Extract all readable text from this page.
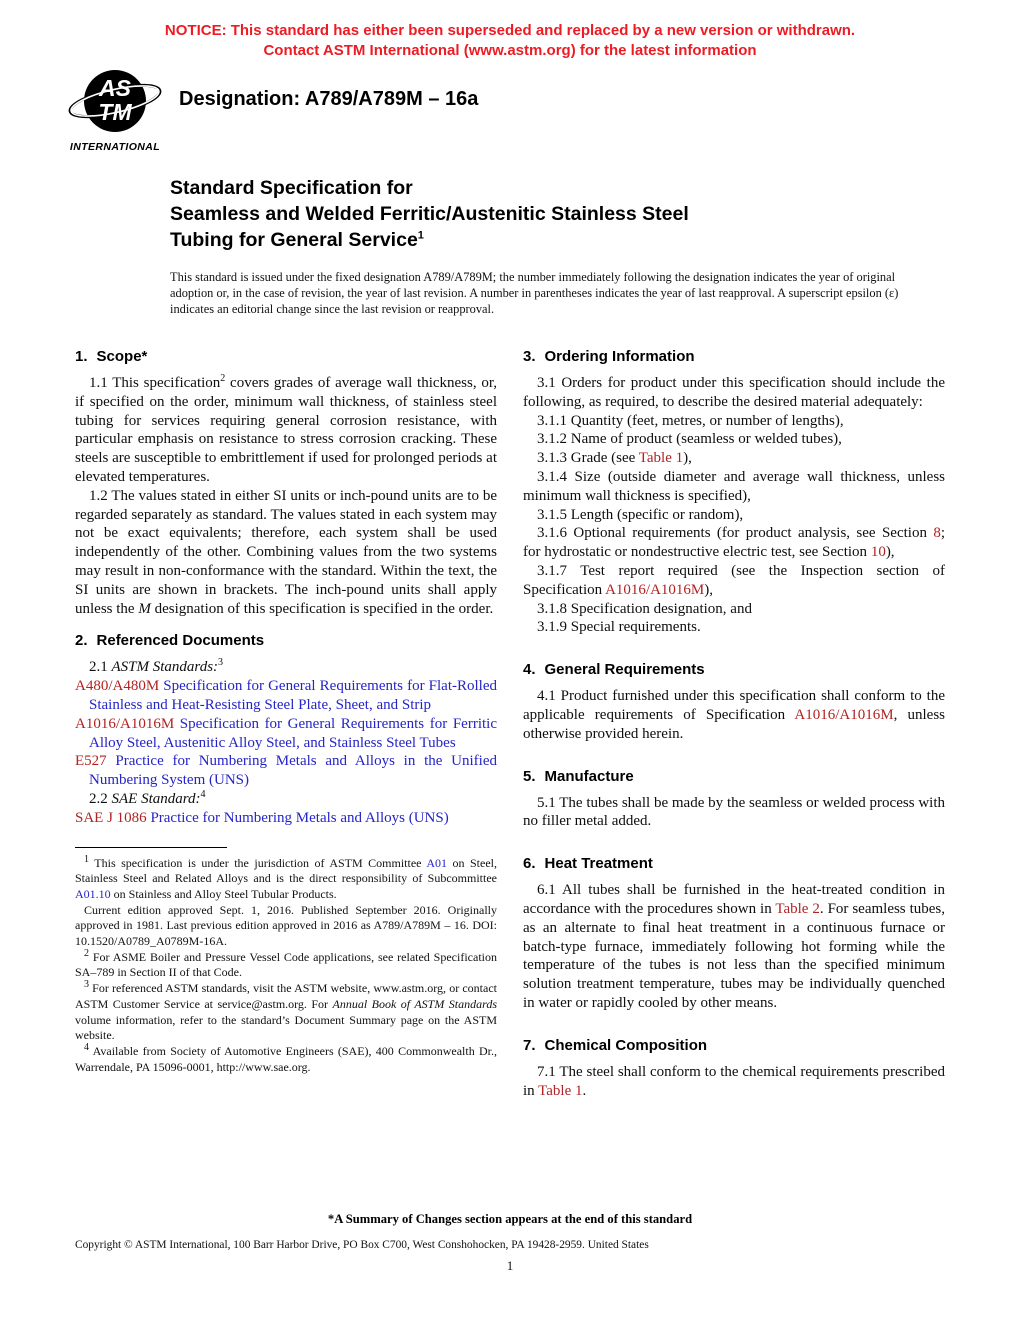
NOTICE: This standard has either been superseded and replaced by a new version or withdrawn.
Contact ASTM International (www.astm.org) for the latest information
AS
TM
INTERNATIONAL
Designation: A789/A789M – 16a
Standard Specification for
Seamless and Welded Ferritic/Austenitic Stainless Steel
Tubing for General Service$^1$
This standard is issued under the fixed designation A789/A789M; the number immediately following the designation indicates the year of original adoption or, in the case of revision, the year of last revision. A number in parentheses indicates the year of last reapproval. A superscript epsilon (ε) indicates an editorial change since the last revision or reapproval.
1. Scope*

1.1 This specification$^2$ covers grades of average wall thickness, or, if specified on the order, minimum wall thickness, of stainless steel tubing for services requiring general corrosion resistance, with particular emphasis on resistance to stress corrosion cracking. These steels are susceptible to embrittlement if used for prolonged periods at elevated temperatures.

1.2 The values stated in either SI units or inch-pound units are to be regarded separately as standard. The values stated in each system may not be exact equivalents; therefore, each system shall be used independently of the other. Combining values from the two systems may result in non-conformance with the standard. Within the text, the SI units are shown in brackets. The inch-pound units shall apply unless the M designation of this specification is specified in the order.

2. Referenced Documents

2.1 ASTM Standards:$^3$

A480/A480M Specification for General Requirements for Flat-Rolled Stainless and Heat-Resisting Steel Plate, Sheet, and Strip

A1016/A1016M Specification for General Requirements for Ferritic Alloy Steel, Austenitic Alloy Steel, and Stainless Steel Tubes

E527 Practice for Numbering Metals and Alloys in the Unified Numbering System (UNS)

2.2 SAE Standard:$^4$

SAE J 1086 Practice for Numbering Metals and Alloys (UNS)

$^1$ This specification is under the jurisdiction of ASTM Committee A01 on Steel, Stainless Steel and Related Alloys and is the direct responsibility of Subcommittee A01.10 on Stainless and Alloy Steel Tubular Products.

Current edition approved Sept. 1, 2016. Published September 2016. Originally approved in 1981. Last previous edition approved in 2016 as A789/A789M – 16. DOI: 10.1520/A0789_A0789M-16A.

$^2$ For ASME Boiler and Pressure Vessel Code applications, see related Specification SA–789 in Section II of that Code.

$^3$ For referenced ASTM standards, visit the ASTM website, www.astm.org, or contact ASTM Customer Service at service@astm.org. For Annual Book of ASTM Standards volume information, refer to the standard’s Document Summary page on the ASTM website.

$^4$ Available from Society of Automotive Engineers (SAE), 400 Commonwealth Dr., Warrendale, PA 15096-0001, http://www.sae.org.

3. Ordering Information

3.1 Orders for product under this specification should include the following, as required, to describe the desired material adequately:

3.1.1 Quantity (feet, metres, or number of lengths),

3.1.2 Name of product (seamless or welded tubes),

3.1.3 Grade (see Table 1),

3.1.4 Size (outside diameter and average wall thickness, unless minimum wall thickness is specified),

3.1.5 Length (specific or random),

3.1.6 Optional requirements (for product analysis, see Section 8; for hydrostatic or nondestructive electric test, see Section 10),

3.1.7 Test report required (see the Inspection section of Specification A1016/A1016M),

3.1.8 Specification designation, and

3.1.9 Special requirements.

4. General Requirements

4.1 Product furnished under this specification shall conform to the applicable requirements of Specification A1016/A1016M, unless otherwise provided herein.

5. Manufacture

5.1 The tubes shall be made by the seamless or welded process with no filler metal added.

6. Heat Treatment

6.1 All tubes shall be furnished in the heat-treated condition in accordance with the procedures shown in Table 2. For seamless tubes, as an alternate to final heat treatment in a continuous furnace or batch-type furnace, immediately following hot forming while the temperature of the tubes is not less than the specified minimum solution treatment temperature, tubes may be individually quenched in water or rapidly cooled by other means.

7. Chemical Composition

7.1 The steel shall conform to the chemical requirements prescribed in Table 1.

*A Summary of Changes section appears at the end of this standard
Copyright © ASTM International, 100 Barr Harbor Drive, PO Box C700, West Conshohocken, PA 19428-2959. United States
1
